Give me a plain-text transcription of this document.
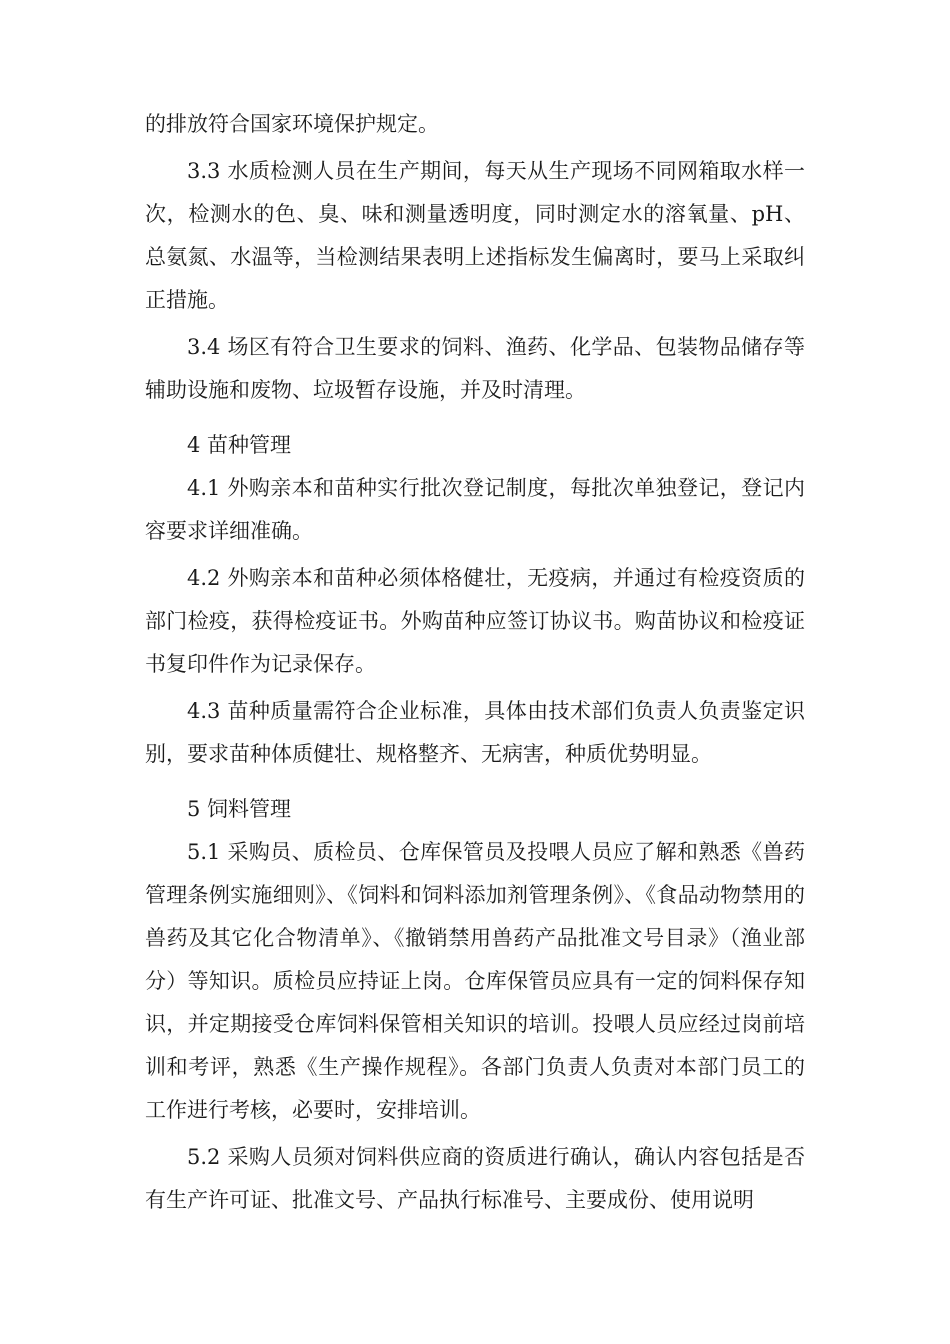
的排放符合国家环境保护规定。

3.3 水质检测人员在生产期间，每天从生产现场不同网箱取水样一次，检测水的色、臭、味和测量透明度，同时测定水的溶氧量、pH、总氨氮、水温等，当检测结果表明上述指标发生偏离时，要马上采取纠正措施。

3.4 场区有符合卫生要求的饲料、渔药、化学品、包装物品储存等辅助设施和废物、垃圾暂存设施，并及时清理。

4 苗种管理

4.1 外购亲本和苗种实行批次登记制度，每批次单独登记，登记内容要求详细准确。

4.2 外购亲本和苗种必须体格健壮，无疫病，并通过有检疫资质的部门检疫，获得检疫证书。外购苗种应签订协议书。购苗协议和检疫证书复印件作为记录保存。

4.3 苗种质量需符合企业标准，具体由技术部们负责人负责鉴定识别，要求苗种体质健壮、规格整齐、无病害，种质优势明显。

5 饲料管理

5.1 采购员、质检员、仓库保管员及投喂人员应了解和熟悉《兽药管理条例实施细则》、《饲料和饲料添加剂管理条例》、《食品动物禁用的兽药及其它化合物清单》、《撤销禁用兽药产品批准文号目录》（渔业部分）等知识。质检员应持证上岗。仓库保管员应具有一定的饲料保存知识，并定期接受仓库饲料保管相关知识的培训。投喂人员应经过岗前培训和考评，熟悉《生产操作规程》。各部门负责人负责对本部门员工的工作进行考核，必要时，安排培训。

5.2 采购人员须对饲料供应商的资质进行确认，确认内容包括是否有生产许可证、批准文号、产品执行标准号、主要成份、使用说明
